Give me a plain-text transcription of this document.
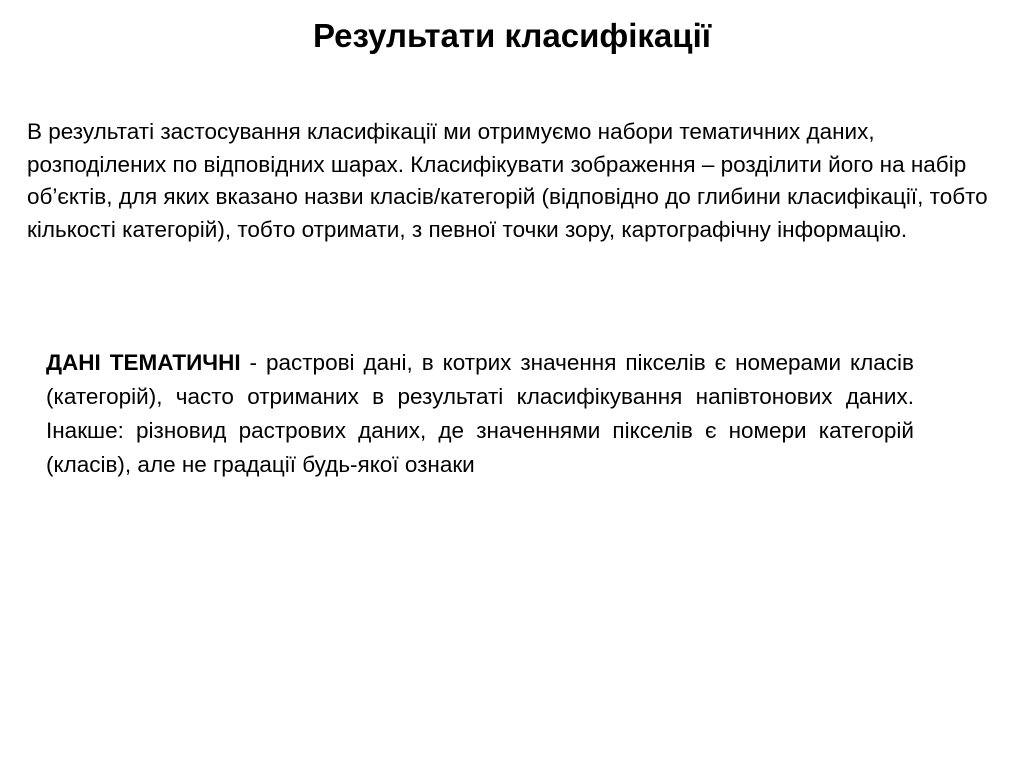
Результати класифікації

В результаті застосування класифікації ми отримуємо набори тематичних даних, розподілених по відповідних шарах. Класифікувати зображення – розділити його на набір об’єктів, для яких вказано назви класів/категорій (відповідно до глибини класифікації, тобто кількості категорій), тобто отримати, з певної точки зору, картографічну інформацію.

ДАНІ ТЕМАТИЧНІ - растрові дані, в котрих значення пікселів є номерами класів (категорій), часто отриманих в результаті класифікування напівтонових даних. Інакше: різновид растрових даних, де значеннями пікселів є номери категорій (класів), але не градації будь-якої ознаки
